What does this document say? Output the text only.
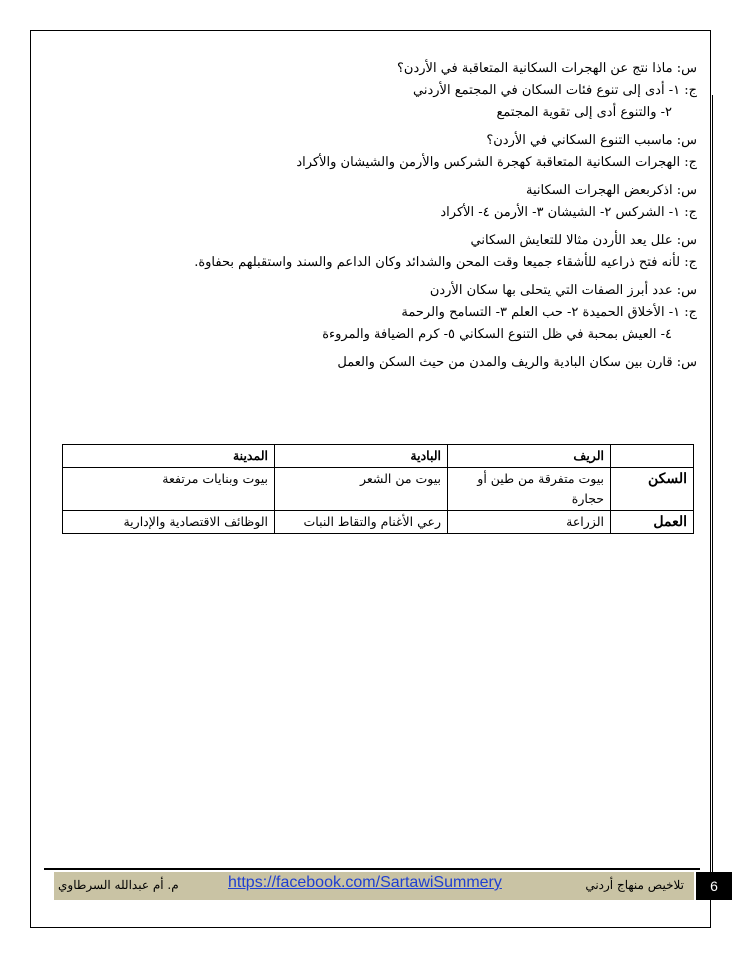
س: ماذا نتج عن الهجرات السكانية المتعاقبة في الأردن؟
ج: ١- أدى إلى تنوع فئات السكان في المجتمع الأردني
٢- والتنوع أدى إلى تقوية المجتمع
س: ماسبب التنوع السكاني في الأردن؟
ج: الهجرات السكانية المتعاقبة كهجرة الشركس والأرمن والشيشان والأكراد
س: اذكربعض الهجرات السكانية
ج: ١- الشركس ٢- الشيشان ٣- الأرمن ٤- الأكراد
س: علل يعد الأردن مثالا للتعايش السكاني
ج: لأنه فتح ذراعيه للأشقاء جميعا وقت المحن والشدائد وكان الداعم والسند واستقبلهم بحفاوة.
س: عدد أبرز الصفات التي يتحلى بها سكان الأردن
ج: ١- الأخلاق الحميدة ٢- حب العلم ٣- التسامح والرحمة
٤- العيش بمحبة في ظل التنوع السكاني ٥- كرم الضيافة والمروءة
س: قارن بين سكان البادية والريف والمدن من حيث السكن والعمل
	الريف	البادية	المدينة
السكن	بيوت متفرقة من طين أو حجارة	بيوت من الشعر	بيوت وبنايات مرتفعة
العمل	الزراعة	رعي الأغنام والتقاط النبات	الوظائف الاقتصادية والإدارية
تلاخيص منهاج أردني
https://facebook.com/SartawiSummery
م. أم عبدالله السرطاوي	6
